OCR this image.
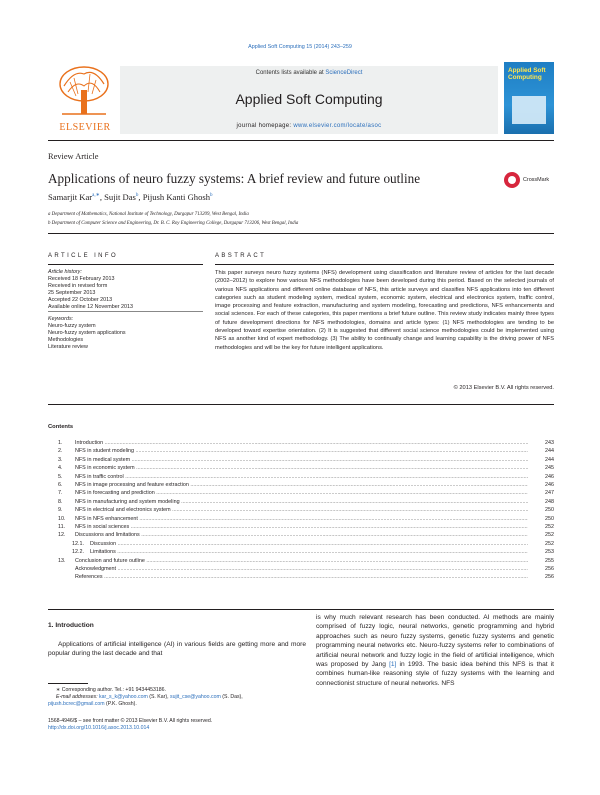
Applied Soft Computing 15 (2014) 243–259
ELSEVIER
Contents lists available at ScienceDirect
Applied Soft Computing
journal homepage: www.elsevier.com/locate/asoc
Applied Soft Computing
Review Article
Applications of neuro fuzzy systems: A brief review and future outline	CrossMark
Samarjit Kar$^{a,∗}$, Sujit Das$^b$, Pijush Kanti Ghosh$^b$
a Department of Mathematics, National Institute of Technology, Durgapur 713209, West Bengal, India
b Department of Computer Science and Engineering, Dr. B. C. Roy Engineering College, Durgapur 713206, West Bengal, India
ARTICLE INFO	ABSTRACT
Article history:
Received 18 February 2013
Received in revised form
25 September 2013
Accepted 22 October 2013
Available online 12 November 2013
Keywords:
Neuro-fuzzy system
Neuro-fuzzy system applications
Methodologies
Literature review
This paper surveys neuro fuzzy systems (NFS) development using classification and literature review of articles for the last decade (2002–2012) to explore how various NFS methodologies have been developed during this period. Based on the selected journals of various NFS applications and different online database of NFS, this article surveys and classifies NFS applications into ten different categories such as student modeling system, medical system, economic system, electrical and electronics system, traffic control, image processing and feature extraction, manufacturing and system modeling, forecasting and predictions, NFS enhancements and social sciences. For each of these categories, this paper mentions a brief future outline. This review study indicates mainly three types of future development directions for NFS methodologies, domains and article types: (1) NFS methodologies are tending to be developed toward expertise orientation. (2) It is suggested that different social science methodologies could be implemented using NFS as another kind of expert methodology. (3) The ability to continually change and learning capability is the driving power of NFS methodologies and will be the key for future intelligent applications.
© 2013 Elsevier B.V. All rights reserved.
Contents
1. Introduction .....	243
2. NFS in student modeling .....	244
3. NFS in medical system .....	244
4. NFS in economic system .....	245
5. NFS in traffic control .....	246
6. NFS in image processing and feature extraction .....	246
7. NFS in forecasting and prediction .....	247
8. NFS in manufacturing and system modeling .....	248
9. NFS in electrical and electronics system .....	250
10. NFS in NFS enhancement .....	250
11. NFS in social sciences .....	252
12. Discussions and limitations .....	252
12.1. Discussion .....	252
12.2. Limitations .....	253
13. Conclusion and future outline .....	255
Acknowledgment .....	256
References .....	256
1. Introduction
Applications of artificial intelligence (AI) in various fields are getting more and more popular during the last decade and that
is why much relevant research has been conducted. AI methods are mainly comprised of fuzzy logic, neural networks, genetic programming and hybrid approaches such as neuro fuzzy systems, genetic fuzzy systems and genetic programming neural networks etc. Neuro-fuzzy systems refer to combinations of artificial neural network and fuzzy logic in the field of artificial intelligence, which was proposed by Jang [1] in 1993. The basic idea behind this NFS is that it combines human-like reasoning style of fuzzy systems with the learning and connectionist structure of neural networks. NFS
∗ Corresponding author. Tel.: +91 9434453186.
E-mail addresses: kar_s_k@yahoo.com (S. Kar), sujit_cse@yahoo.com (S. Das),
pijush.bcrec@gmail.com (P.K. Ghosh).
1568-4946/$ – see front matter © 2013 Elsevier B.V. All rights reserved.
http://dx.doi.org/10.1016/j.asoc.2013.10.014
